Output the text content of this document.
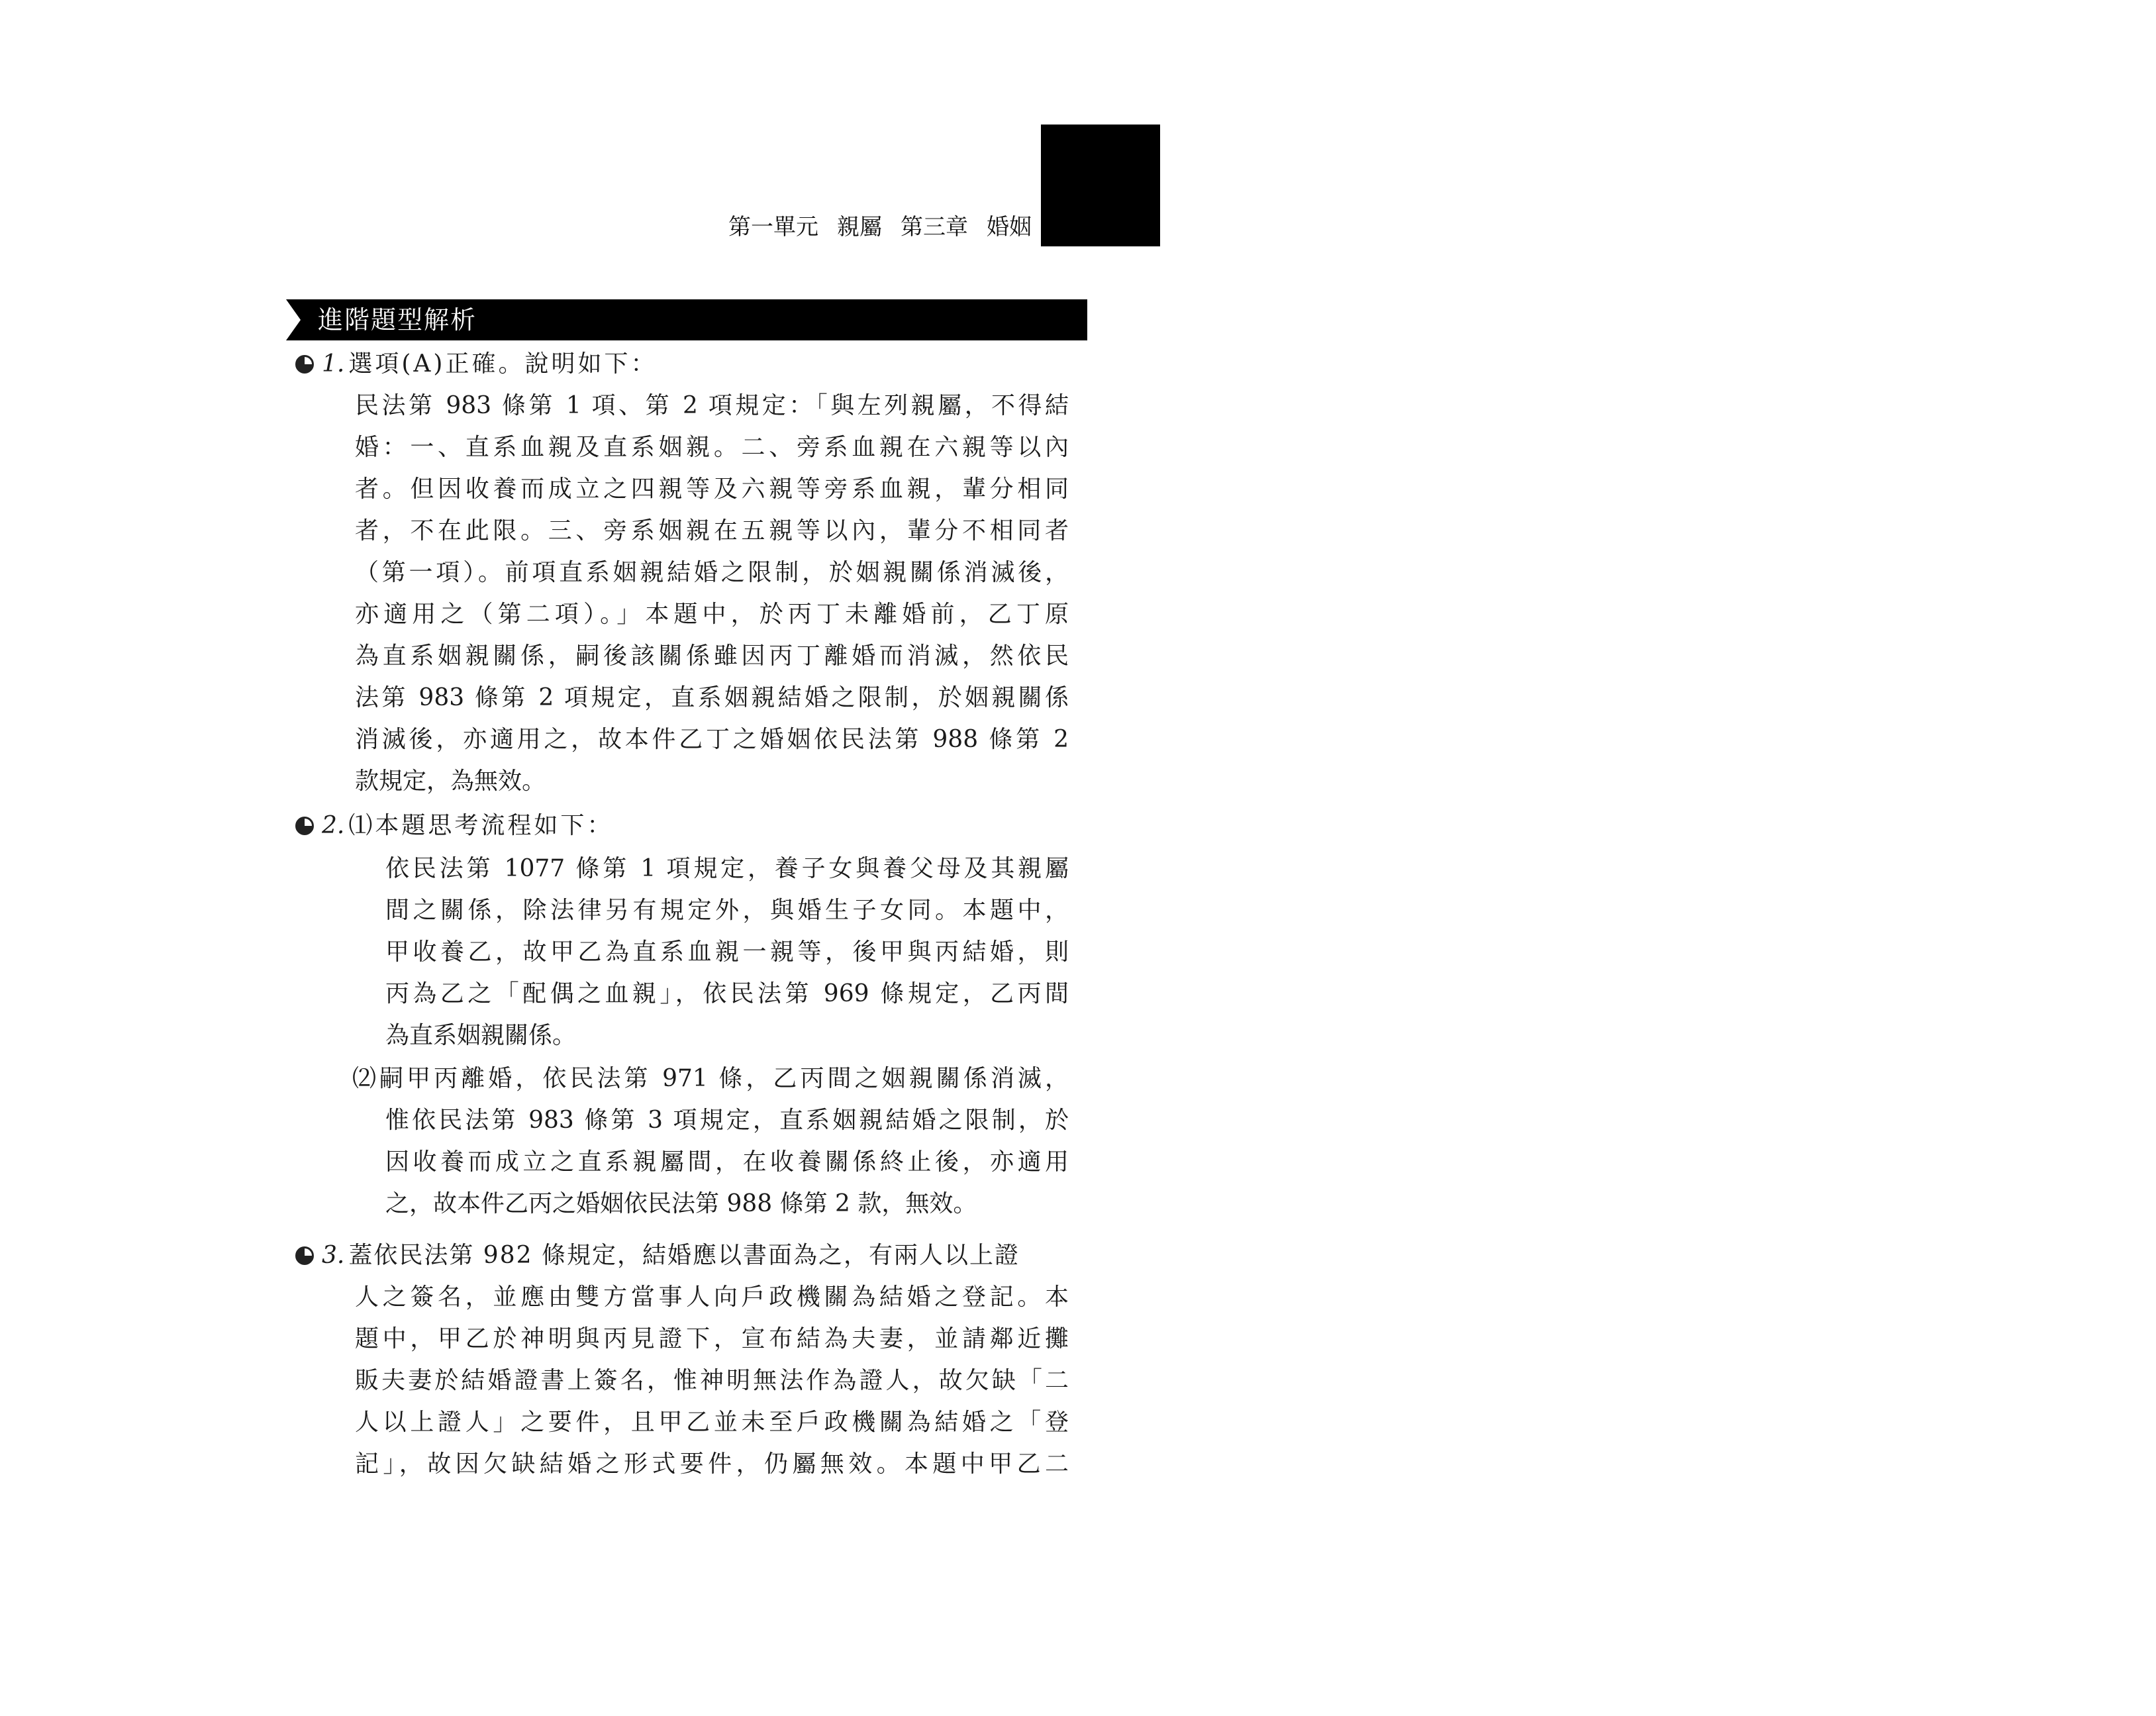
15
第一單元 親屬 第三章 婚姻
進階題型解析
1. 選項(A)正確。說明如下：
民法第 983 條第 1 項、第 2 項規定：「與左列親屬，不得結
婚：一、直系血親及直系姻親。二、旁系血親在六親等以內
者。但因收養而成立之四親等及六親等旁系血親，輩分相同
者，不在此限。三、旁系姻親在五親等以內，輩分不相同者
（第一項）。前項直系姻親結婚之限制，於姻親關係消滅後，
亦適用之（第二項）。」本題中，於丙丁未離婚前，乙丁原
為直系姻親關係，嗣後該關係雖因丙丁離婚而消滅，然依民
法第 983 條第 2 項規定，直系姻親結婚之限制，於姻親關係
消滅後，亦適用之，故本件乙丁之婚姻依民法第 988 條第 2
款規定，為無效。
2. ⑴本題思考流程如下：
依民法第 1077 條第 1 項規定，養子女與養父母及其親屬
間之關係，除法律另有規定外，與婚生子女同。本題中，
甲收養乙，故甲乙為直系血親一親等，後甲與丙結婚，則
丙為乙之「配偶之血親」，依民法第 969 條規定，乙丙間
為直系姻親關係。
⑵嗣甲丙離婚，依民法第 971 條，乙丙間之姻親關係消滅，
惟依民法第 983 條第 3 項規定，直系姻親結婚之限制，於
因收養而成立之直系親屬間，在收養關係終止後，亦適用
之，故本件乙丙之婚姻依民法第 988 條第 2 款，無效。
3. 蓋依民法第 982 條規定，結婚應以書面為之，有兩人以上證
人之簽名，並應由雙方當事人向戶政機關為結婚之登記。本
題中，甲乙於神明與丙見證下，宣布結為夫妻，並請鄰近攤
販夫妻於結婚證書上簽名，惟神明無法作為證人，故欠缺「二
人以上證人」之要件，且甲乙並未至戶政機關為結婚之「登
記」，故因欠缺結婚之形式要件，仍屬無效。本題中甲乙二
